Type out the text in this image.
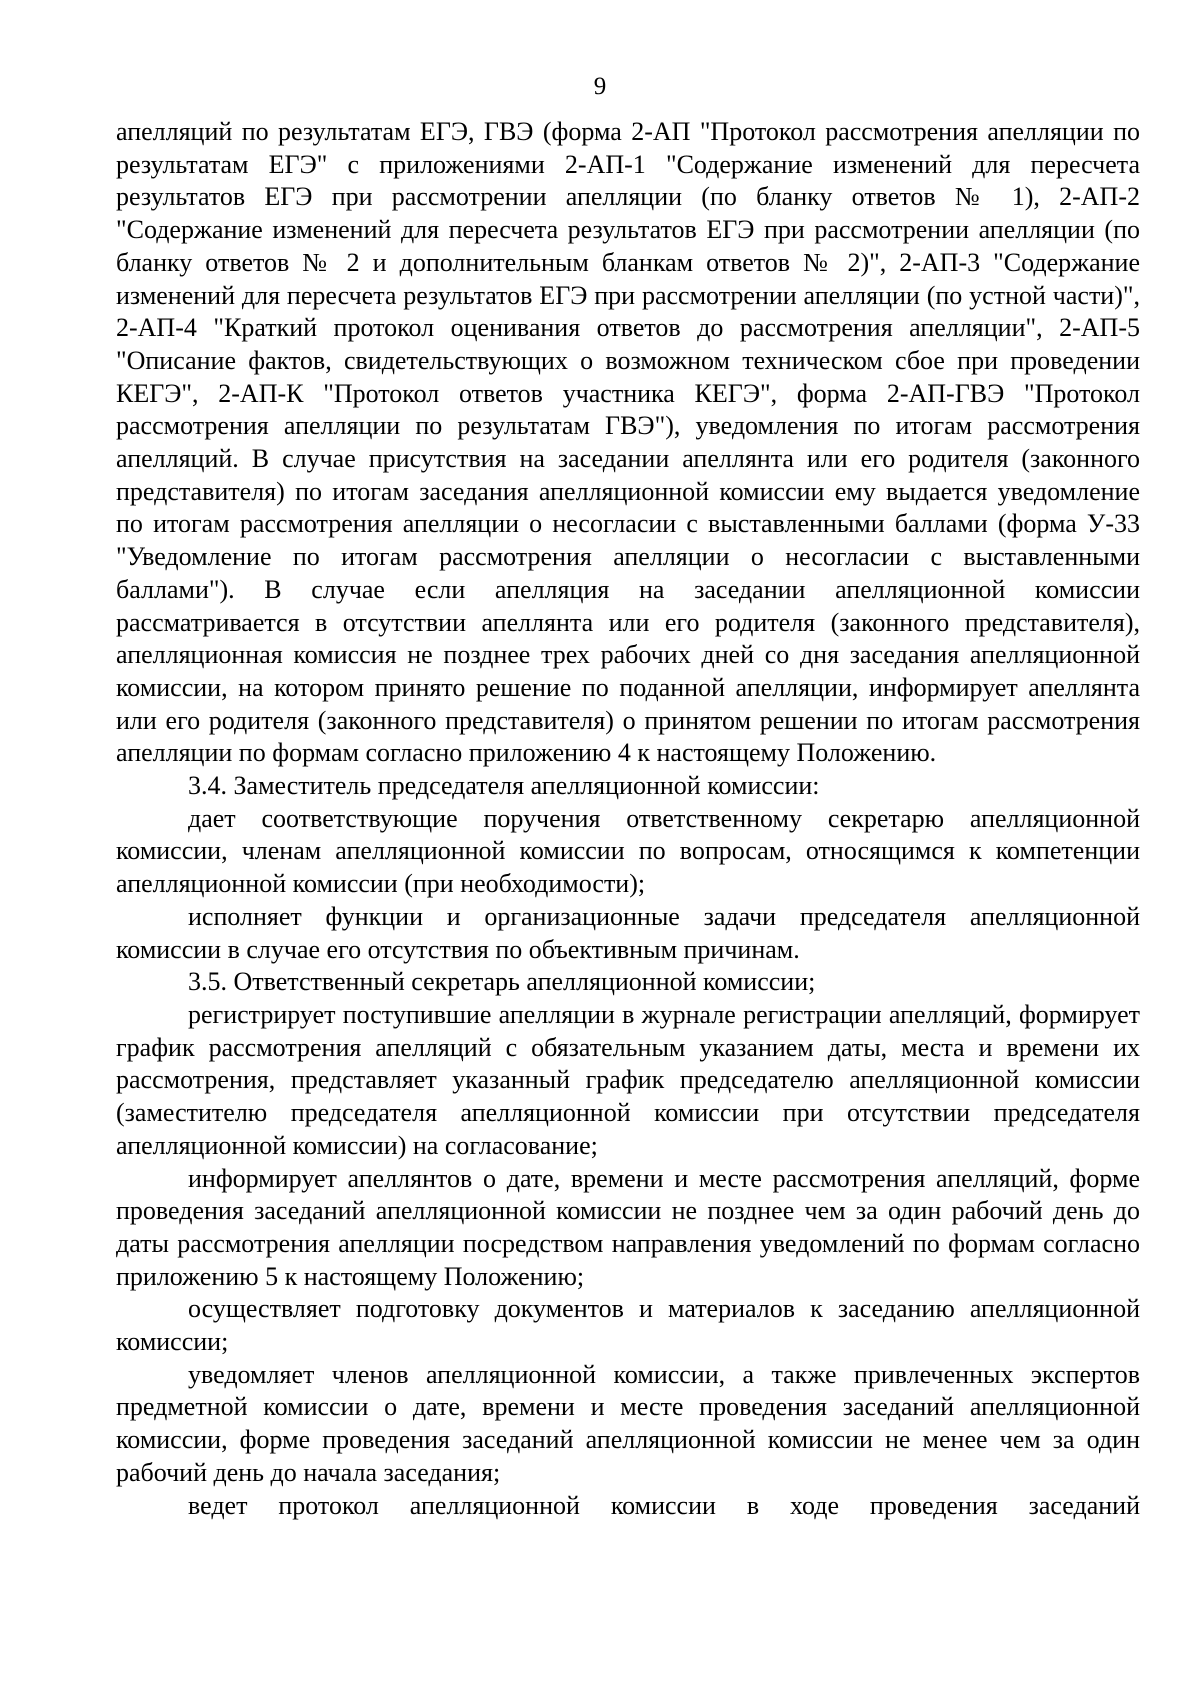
9

апелляций по результатам ЕГЭ, ГВЭ (форма 2-АП "Протокол рассмотрения апелляции по результатам ЕГЭ" с приложениями 2-АП-1 "Содержание изменений для пересчета результатов ЕГЭ при рассмотрении апелляции (по бланку ответов № 1), 2-АП-2 "Содержание изменений для пересчета результатов ЕГЭ при рассмотрении апелляции (по бланку ответов № 2 и дополнительным бланкам ответов № 2)", 2-АП-3 "Содержание изменений для пересчета результатов ЕГЭ при рассмотрении апелляции (по устной части)", 2-АП-4 "Краткий протокол оценивания ответов до рассмотрения апелляции", 2-АП-5 "Описание фактов, свидетельствующих о возможном техническом сбое при проведении КЕГЭ", 2-АП-К "Протокол ответов участника КЕГЭ", форма 2-АП-ГВЭ "Протокол рассмотрения апелляции по результатам ГВЭ"), уведомления по итогам рассмотрения апелляций. В случае присутствия на заседании апеллянта или его родителя (законного представителя) по итогам заседания апелляционной комиссии ему выдается уведомление по итогам рассмотрения апелляции о несогласии с выставленными баллами (форма У-33 "Уведомление по итогам рассмотрения апелляции о несогласии с выставленными баллами"). В случае если апелляция на заседании апелляционной комиссии рассматривается в отсутствии апеллянта или его родителя (законного представителя), апелляционная комиссия не позднее трех рабочих дней со дня заседания апелляционной комиссии, на котором принято решение по поданной апелляции, информирует апеллянта или его родителя (законного представителя) о принятом решении по итогам рассмотрения апелляции по формам согласно приложению 4 к настоящему Положению.

3.4. Заместитель председателя апелляционной комиссии:

дает соответствующие поручения ответственному секретарю апелляционной комиссии, членам апелляционной комиссии по вопросам, относящимся к компетенции апелляционной комиссии (при необходимости);

исполняет функции и организационные задачи председателя апелляционной комиссии в случае его отсутствия по объективным причинам.

3.5. Ответственный секретарь апелляционной комиссии;

регистрирует поступившие апелляции в журнале регистрации апелляций, формирует график рассмотрения апелляций с обязательным указанием даты, места и времени их рассмотрения, представляет указанный график председателю апелляционной комиссии (заместителю председателя апелляционной комиссии при отсутствии председателя апелляционной комиссии) на согласование;

информирует апеллянтов о дате, времени и месте рассмотрения апелляций, форме проведения заседаний апелляционной комиссии не позднее чем за один рабочий день до даты рассмотрения апелляции посредством направления уведомлений по формам согласно приложению 5 к настоящему Положению;

осуществляет подготовку документов и материалов к заседанию апелляционной комиссии;

уведомляет членов апелляционной комиссии, а также привлеченных экспертов предметной комиссии о дате, времени и месте проведения заседаний апелляционной комиссии, форме проведения заседаний апелляционной комиссии не менее чем за один рабочий день до начала заседания;

ведет протокол апелляционной комиссии в ходе проведения заседаний
